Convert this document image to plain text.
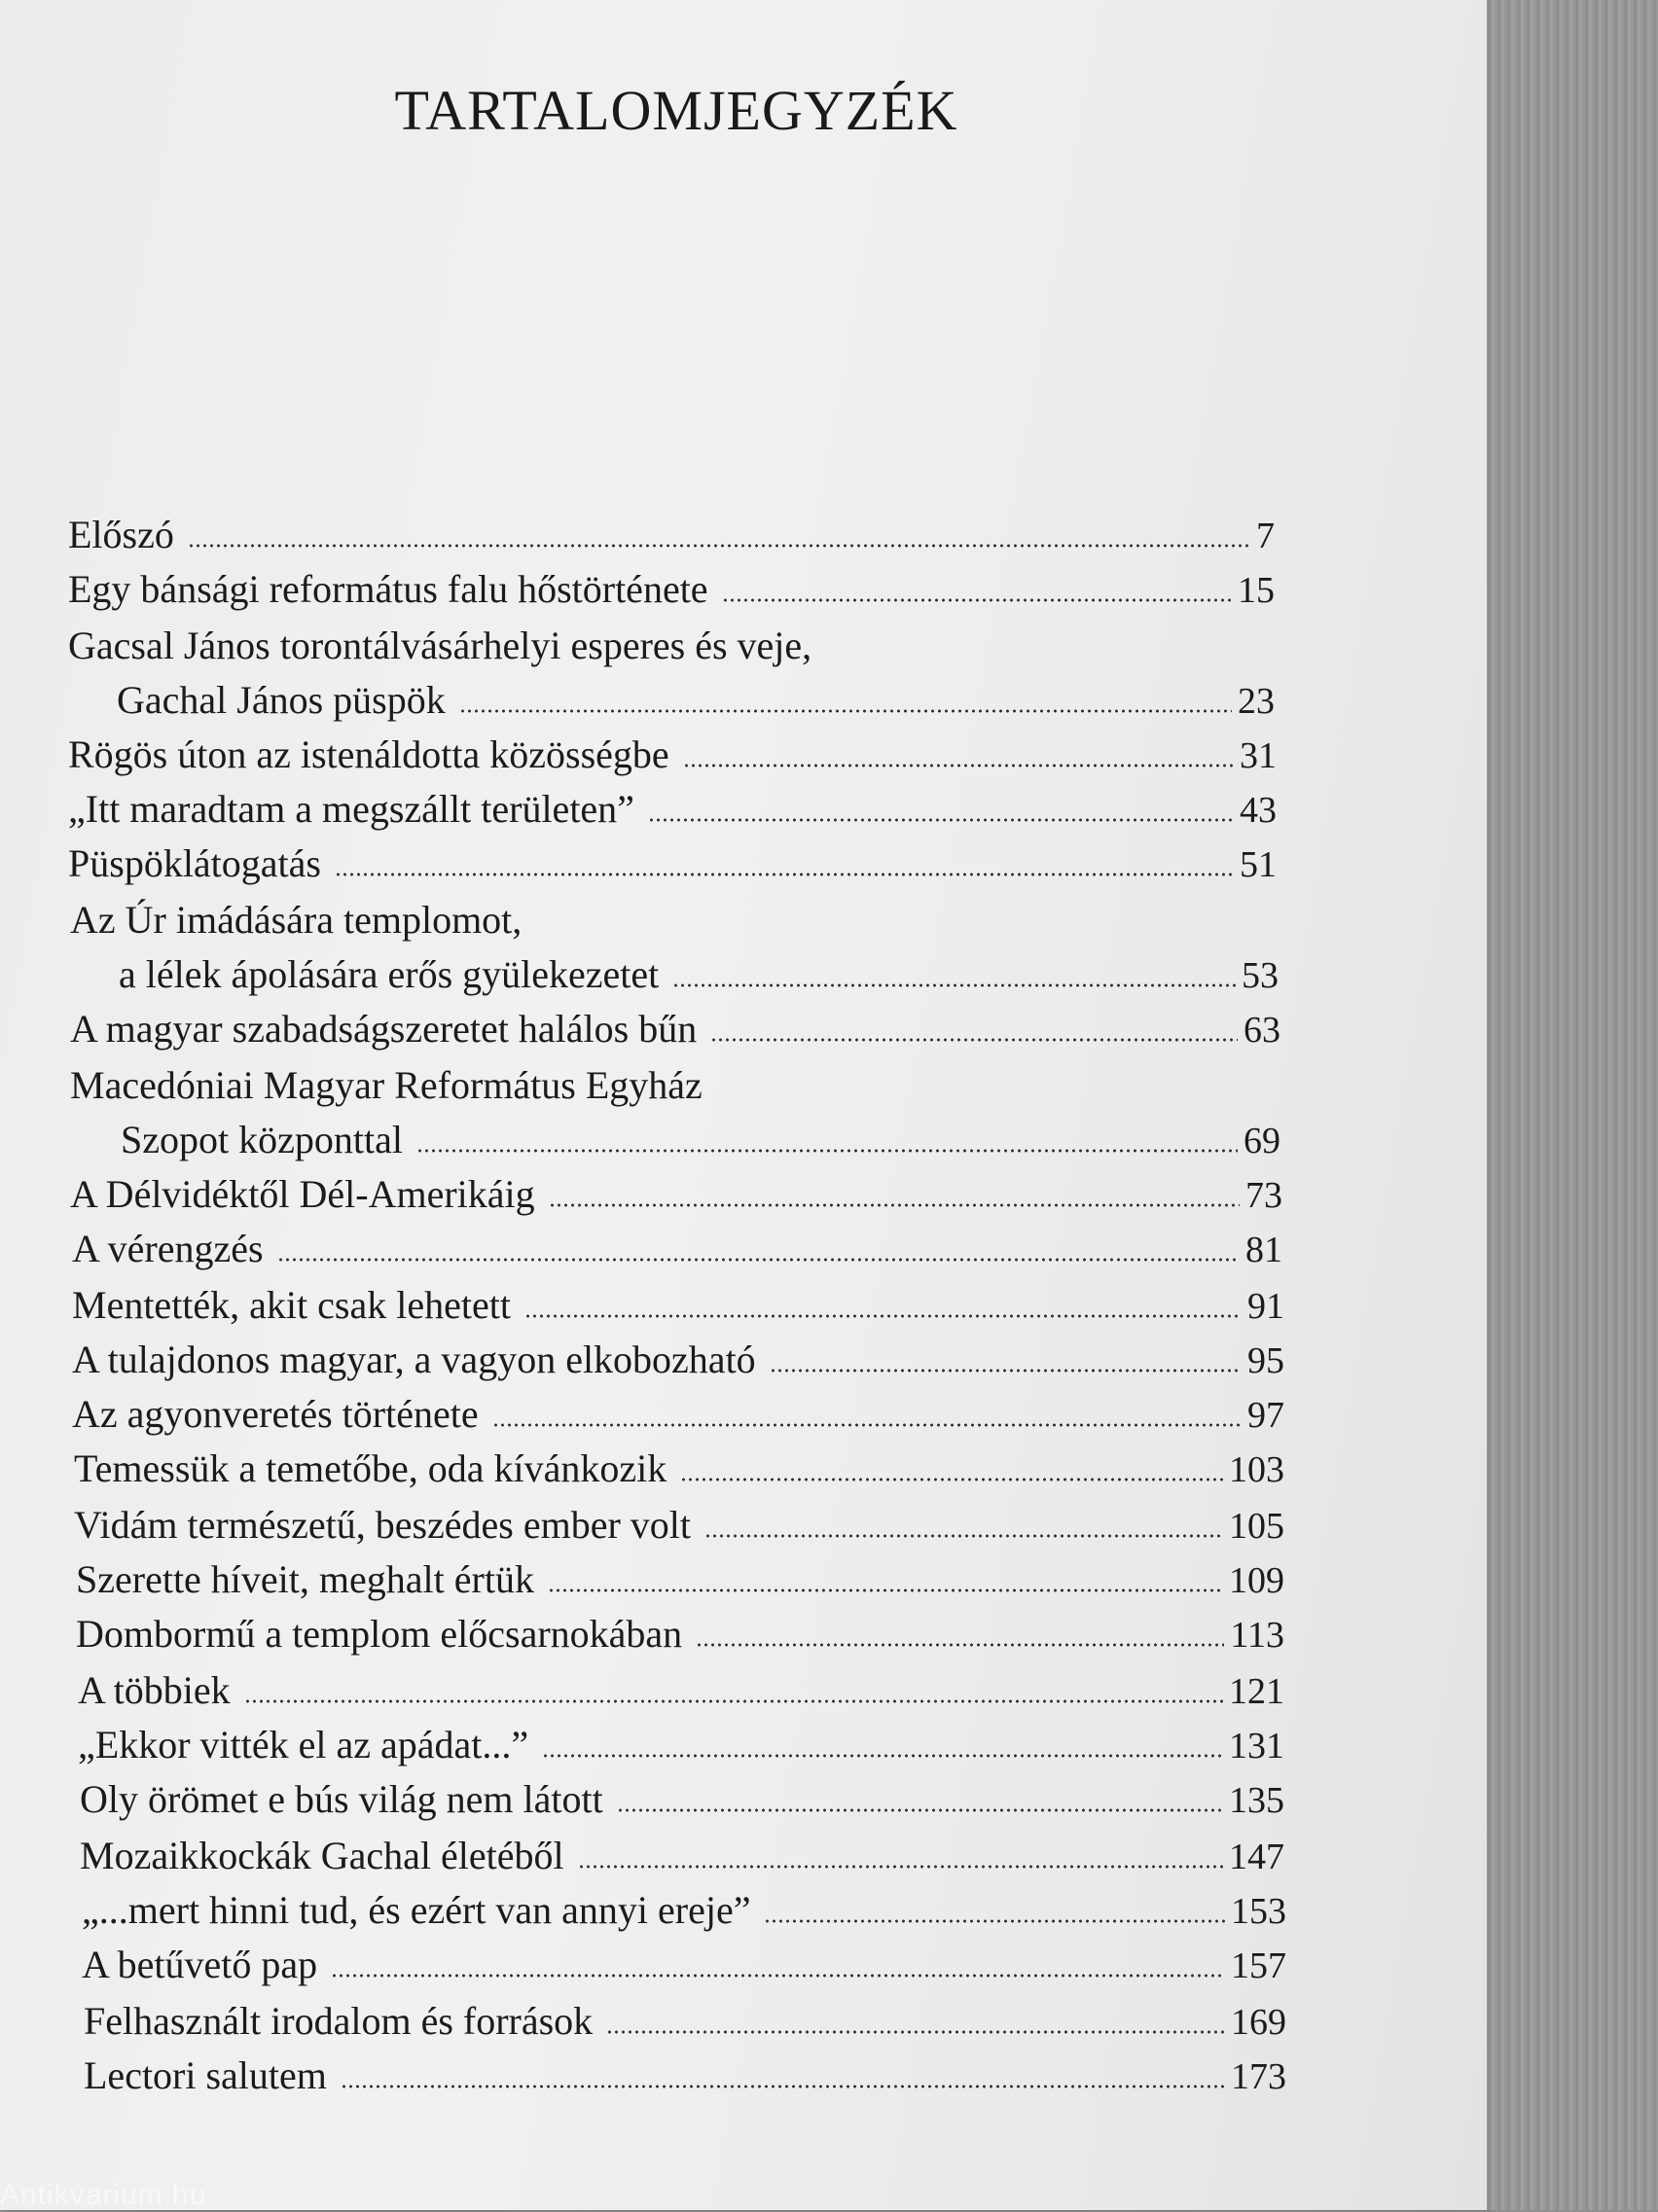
TARTALOMJEGYZÉK
Előszó	7
Egy bánsági református falu hőstörténete	15
Gacsal János torontálvásárhelyi esperes és veje,
Gachal János püspök	23
Rögös úton az istenáldotta közösségbe	31
„Itt maradtam a megszállt területen”	43
Püspöklátogatás	51
Az Úr imádására templomot,
a lélek ápolására erős gyülekezetet	53
A magyar szabadságszeretet halálos bűn	63
Macedóniai Magyar Református Egyház
Szopot központtal	69
A Délvidéktől Dél-Amerikáig	73
A vérengzés	81
Mentették, akit csak lehetett	91
A tulajdonos magyar, a vagyon elkobozható	95
Az agyonveretés története	97
Temessük a temetőbe, oda kívánkozik	103
Vidám természetű, beszédes ember volt	105
Szerette híveit, meghalt értük	109
Dombormű a templom előcsarnokában	113
A többiek	121
„Ekkor vitték el az apádat...”	131
Oly örömet e bús világ nem látott	135
Mozaikkockák Gachal életéből	147
„...mert hinni tud, és ezért van annyi ereje”	153
A betűvető pap	157
Felhasznált irodalom és források	169
Lectori salutem	173
Antikvarium.hu
